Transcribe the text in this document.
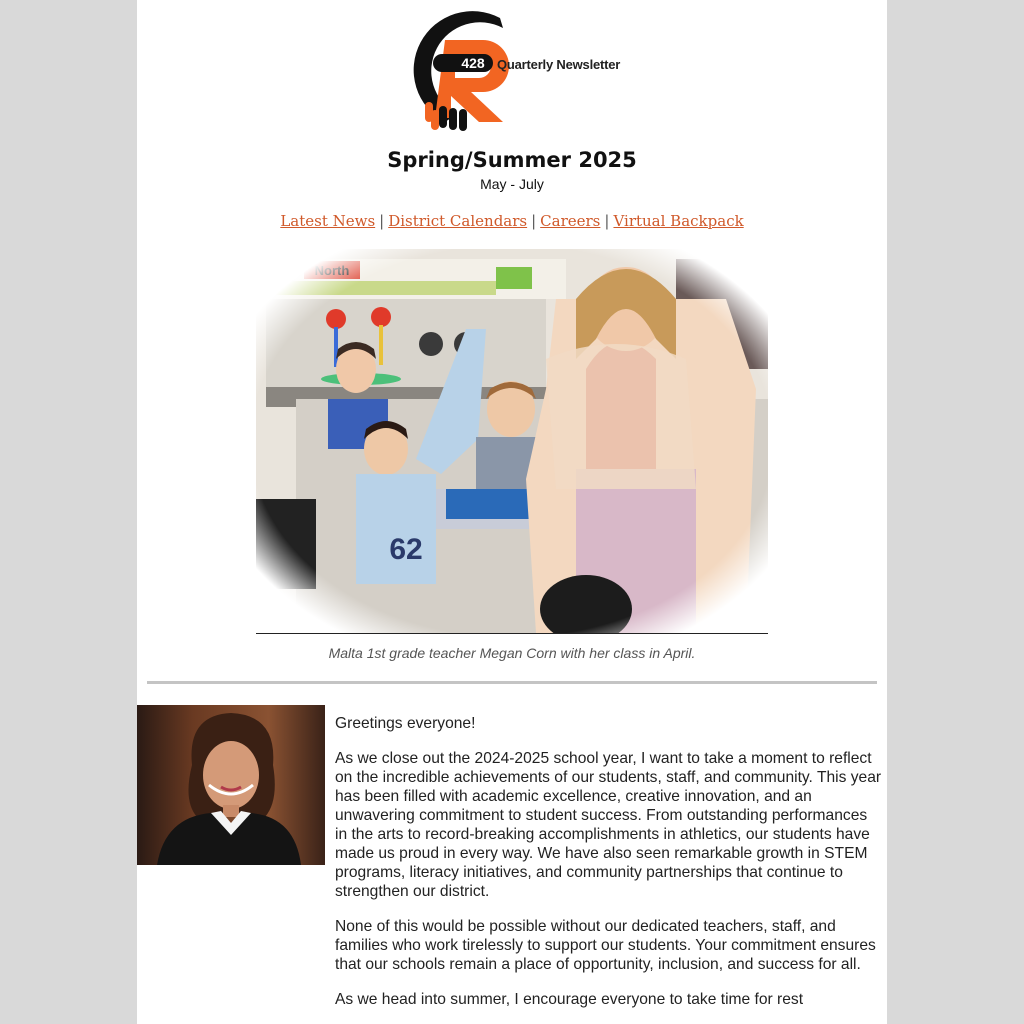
428 Quarterly Newsletter
Spring/Summer 2025
May - July
Latest News | District Calendars | Careers | Virtual Backpack
Malta 1st grade teacher Megan Corn with her class in April.

Greetings everyone!

As we close out the 2024-2025 school year, I want to take a moment to reflect on the incredible achievements of our students, staff, and community. This year has been filled with academic excellence, creative innovation, and an unwavering commitment to student success. From outstanding performances in the arts to record-breaking accomplishments in athletics, our students have made us proud in every way. We have also seen remarkable growth in STEM programs, literacy initiatives, and community partnerships that continue to strengthen our district.

None of this would be possible without our dedicated teachers, staff, and families who work tirelessly to support our students. Your commitment ensures that our schools remain a place of opportunity, inclusion, and success for all.

As we head into summer, I encourage everyone to take time for rest
